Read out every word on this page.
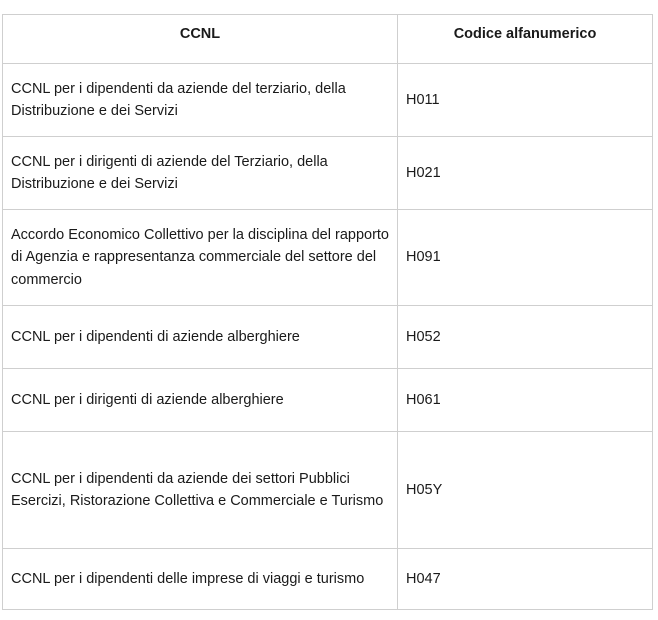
CCNL	Codice alfanumerico
CCNL per i dipendenti da aziende del terziario, della Distribuzione e dei Servizi	H011
CCNL per i dirigenti di aziende del Terziario, della Distribuzione e dei Servizi	H021
Accordo Economico Collettivo per la disciplina del rapporto di Agenzia e rappresentanza commerciale del settore del commercio	H091
CCNL per i dipendenti di aziende alberghiere	H052
CCNL per i dirigenti di aziende alberghiere	H061
CCNL per i dipendenti da aziende dei settori Pubblici Esercizi, Ristorazione Collettiva e Commerciale e Turismo	H05Y
CCNL per i dipendenti delle imprese di viaggi e turismo	H047
